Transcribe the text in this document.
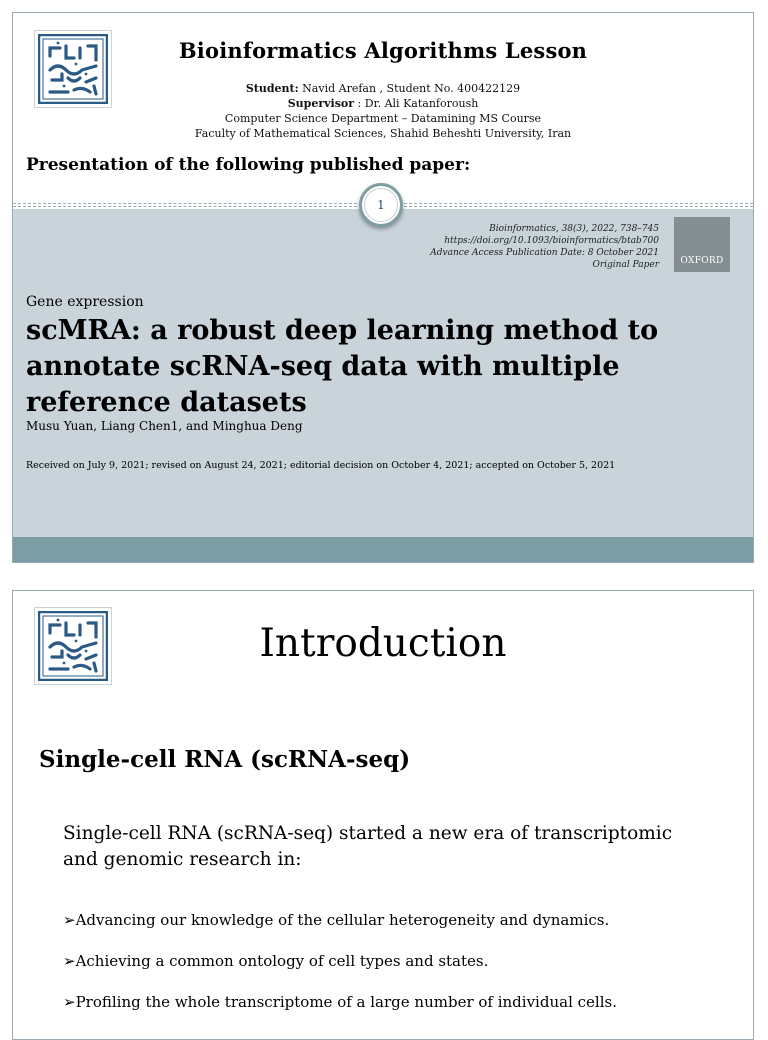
Bioinformatics Algorithms Lesson
Student: Navid Arefan , Student No. 400422129
Supervisor : Dr. Ali Katanforoush
Computer Science Department – Datamining MS Course
Faculty of Mathematical Sciences, Shahid Beheshti University, Iran
Presentation of the following published paper:
1
Bioinformatics, 38(3), 2022, 738–745
https://doi.org/10.1093/bioinformatics/btab700
Advance Access Publication Date: 8 October 2021
Original Paper OXFORD
Gene expression
scMRA: a robust deep learning method to annotate scRNA-seq data with multiple reference datasets
Musu Yuan, Liang Chen1, and Minghua Deng
Received on July 9, 2021; revised on August 24, 2021; editorial decision on October 4, 2021; accepted on October 5, 2021
Introduction
Single-cell RNA (scRNA-seq)
Single-cell RNA (scRNA-seq) started a new era of transcriptomic and genomic research in:
➢Advancing our knowledge of the cellular heterogeneity and dynamics.
➢Achieving a common ontology of cell types and states.
➢Profiling the whole transcriptome of a large number of individual cells.
